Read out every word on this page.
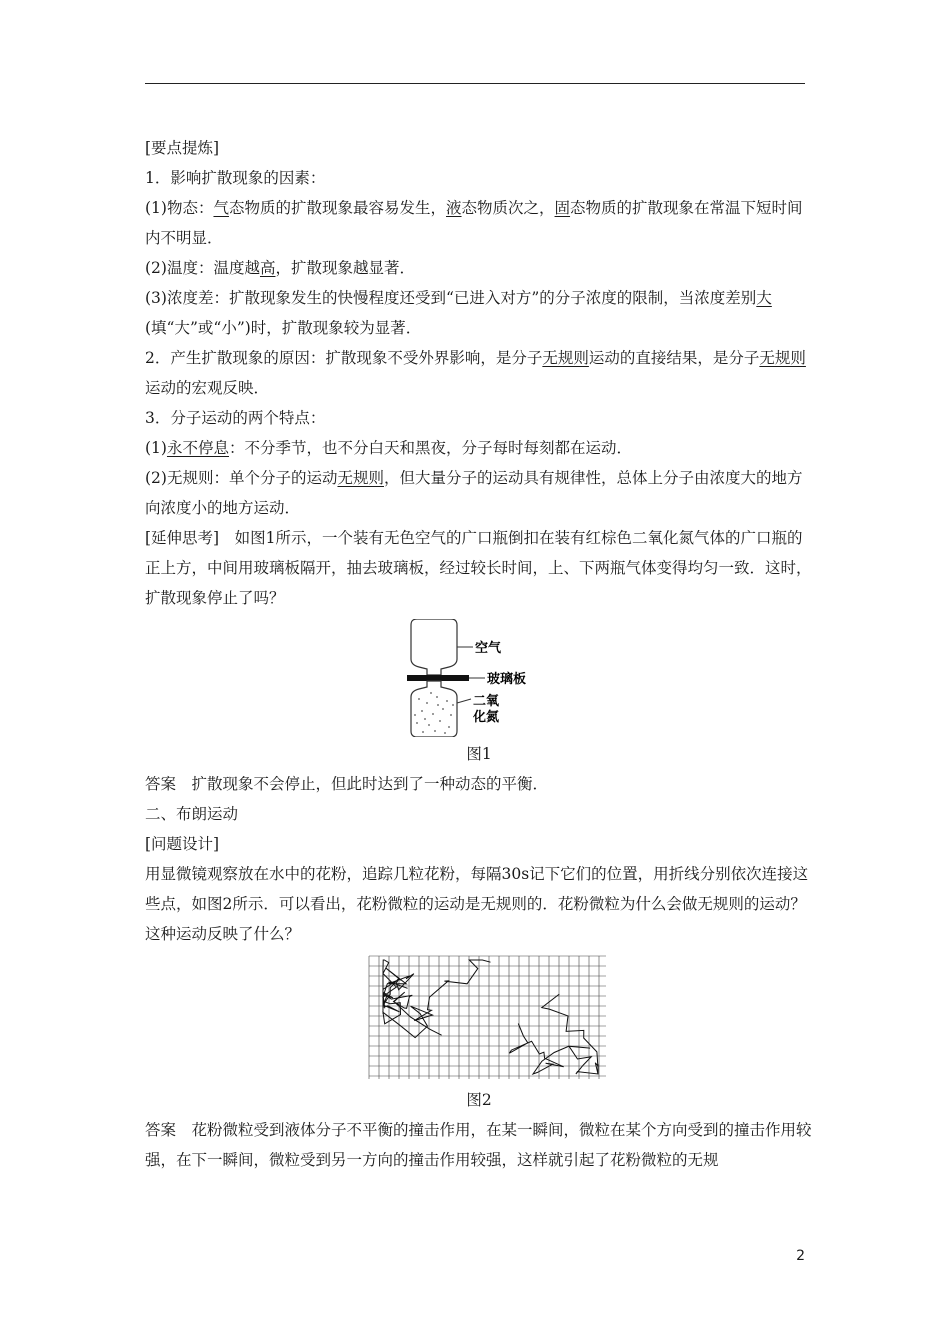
[要点提炼]

1．影响扩散现象的因素：

(1)物态：气态物质的扩散现象最容易发生，液态物质次之，固态物质的扩散现象在常温下短时间内不明显．

(2)温度：温度越高，扩散现象越显著．

(3)浓度差：扩散现象发生的快慢程度还受到“已进入对方”的分子浓度的限制，当浓度差别大(填“大”或“小”)时，扩散现象较为显著．

2．产生扩散现象的原因：扩散现象不受外界影响，是分子无规则运动的直接结果，是分子无规则运动的宏观反映．

3．分子运动的两个特点：

(1)永不停息：不分季节，也不分白天和黑夜，分子每时每刻都在运动．

(2)无规则：单个分子的运动无规则，但大量分子的运动具有规律性，总体上分子由浓度大的地方向浓度小的地方运动．

[延伸思考]　如图1所示，一个装有无色空气的广口瓶倒扣在装有红棕色二氧化氮气体的广口瓶的正上方，中间用玻璃板隔开，抽去玻璃板，经过较长时间，上、下两瓶气体变得均匀一致．这时，扩散现象停止了吗？

空气
玻璃板
二氧
化氮

图1

答案　扩散现象不会停止，但此时达到了一种动态的平衡．

二、布朗运动

[问题设计]

用显微镜观察放在水中的花粉，追踪几粒花粉，每隔30s记下它们的位置，用折线分别依次连接这些点，如图2所示．可以看出，花粉微粒的运动是无规则的．花粉微粒为什么会做无规则的运动？这种运动反映了什么？

图2

答案　花粉微粒受到液体分子不平衡的撞击作用，在某一瞬间，微粒在某个方向受到的撞击作用较强，在下一瞬间，微粒受到另一方向的撞击作用较强，这样就引起了花粉微粒的无规

2
